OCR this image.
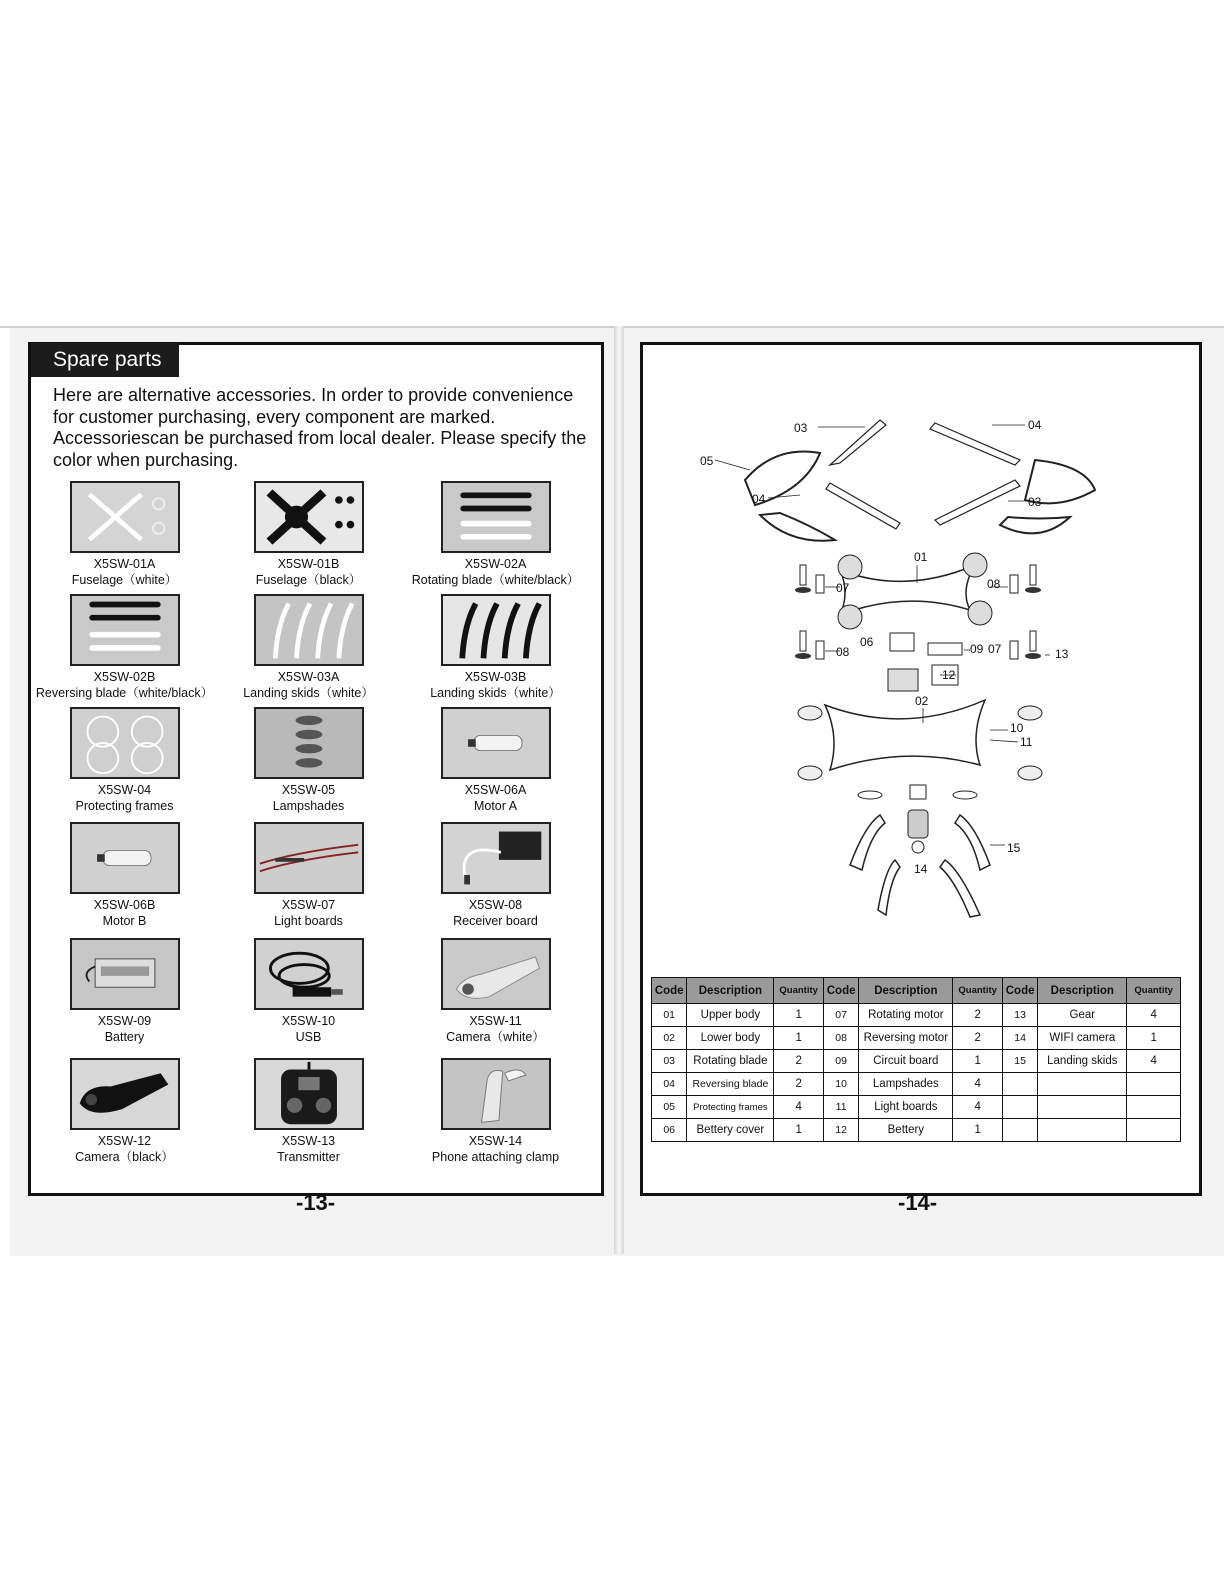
Spare parts
Here are alternative accessories. In order to provide convenience for customer purchasing, every component are marked. Accessoriescan be purchased from local dealer. Please specify the color when purchasing.
X5SW-01A
Fuselage（white）
X5SW-01B
Fuselage（black）
X5SW-02A
Rotating blade（white/black）
X5SW-02B
Reversing blade（white/black）
X5SW-03A
Landing skids（white）
X5SW-03B
Landing skids（white）
X5SW-04
Protecting frames
X5SW-05
Lampshades
X5SW-06A
Motor A
X5SW-06B
Motor B
X5SW-07
Light boards
X5SW-08
Receiver board
X5SW-09
Battery
X5SW-10
USB
X5SW-11
Camera（white）
X5SW-12
Camera（black）
X5SW-13
Transmitter
X5SW-14
Phone attaching clamp
-13-
03	04
05
04	03
01
07	08
08
06	09 07	13
12
02
10
11
14
15
Code	Description	Quantity	Code	Description	Quantity	Code	Description	Quantity
01	Upper body	1	07	Rotating motor	2	13	Gear	4
02	Lower body	1	08	Reversing motor	2	14	WIFI camera	1
03	Rotating blade	2	09	Circuit board	1	15	Landing skids	4
04	Reversing blade	2	10	Lampshades	4			
05	Protecting frames	4	11	Light boards	4			
06	Bettery cover	1	12	Bettery	1			
-14-
